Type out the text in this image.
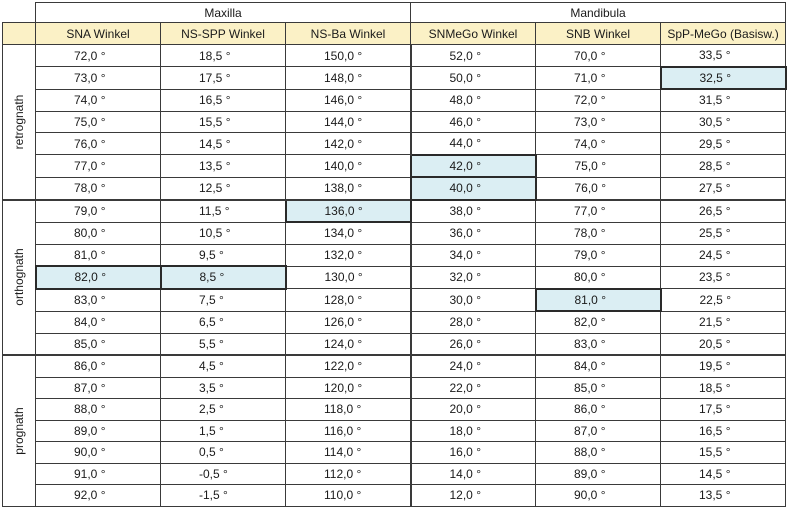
	Maxilla			Mandibula		
	SNA Winkel	NS-SPP Winkel	NS-Ba Winkel	SNMeGo Winkel	SNB Winkel	SpP-MeGo (Basisw.)

retrognath	72,0 °	18,5 °	150,0 °	52,0 °	70,0 °	33,5 °
	73,0 °	17,5 °	148,0 °	50,0 °	71,0 °	32,5 °
	74,0 °	16,5 °	146,0 °	48,0 °	72,0 °	31,5 °
	75,0 °	15,5 °	144,0 °	46,0 °	73,0 °	30,5 °
	76,0 °	14,5 °	142,0 °	44,0 °	74,0 °	29,5 °
	77,0 °	13,5 °	140,0 °	42,0 °	75,0 °	28,5 °
	78,0 °	12,5 °	138,0 °	40,0 °	76,0 °	27,5 °

orthognath	79,0 °	11,5 °	136,0 °	38,0 °	77,0 °	26,5 °
	80,0 °	10,5 °	134,0 °	36,0 °	78,0 °	25,5 °
	81,0 °	9,5 °	132,0 °	34,0 °	79,0 °	24,5 °
	82,0 °	8,5 °	130,0 °	32,0 °	80,0 °	23,5 °
	83,0 °	7,5 °	128,0 °	30,0 °	81,0 °	22,5 °
	84,0 °	6,5 °	126,0 °	28,0 °	82,0 °	21,5 °
	85,0 °	5,5 °	124,0 °	26,0 °	83,0 °	20,5 °

prognath	86,0 °	4,5 °	122,0 °	24,0 °	84,0 °	19,5 °
	87,0 °	3,5 °	120,0 °	22,0 °	85,0 °	18,5 °
	88,0 °	2,5 °	118,0 °	20,0 °	86,0 °	17,5 °
	89,0 °	1,5 °	116,0 °	18,0 °	87,0 °	16,5 °
	90,0 °	0,5 °	114,0 °	16,0 °	88,0 °	15,5 °
	91,0 °	-0,5 °	112,0 °	14,0 °	89,0 °	14,5 °
	92,0 °	-1,5 °	110,0 °	12,0 °	90,0 °	13,5 °
